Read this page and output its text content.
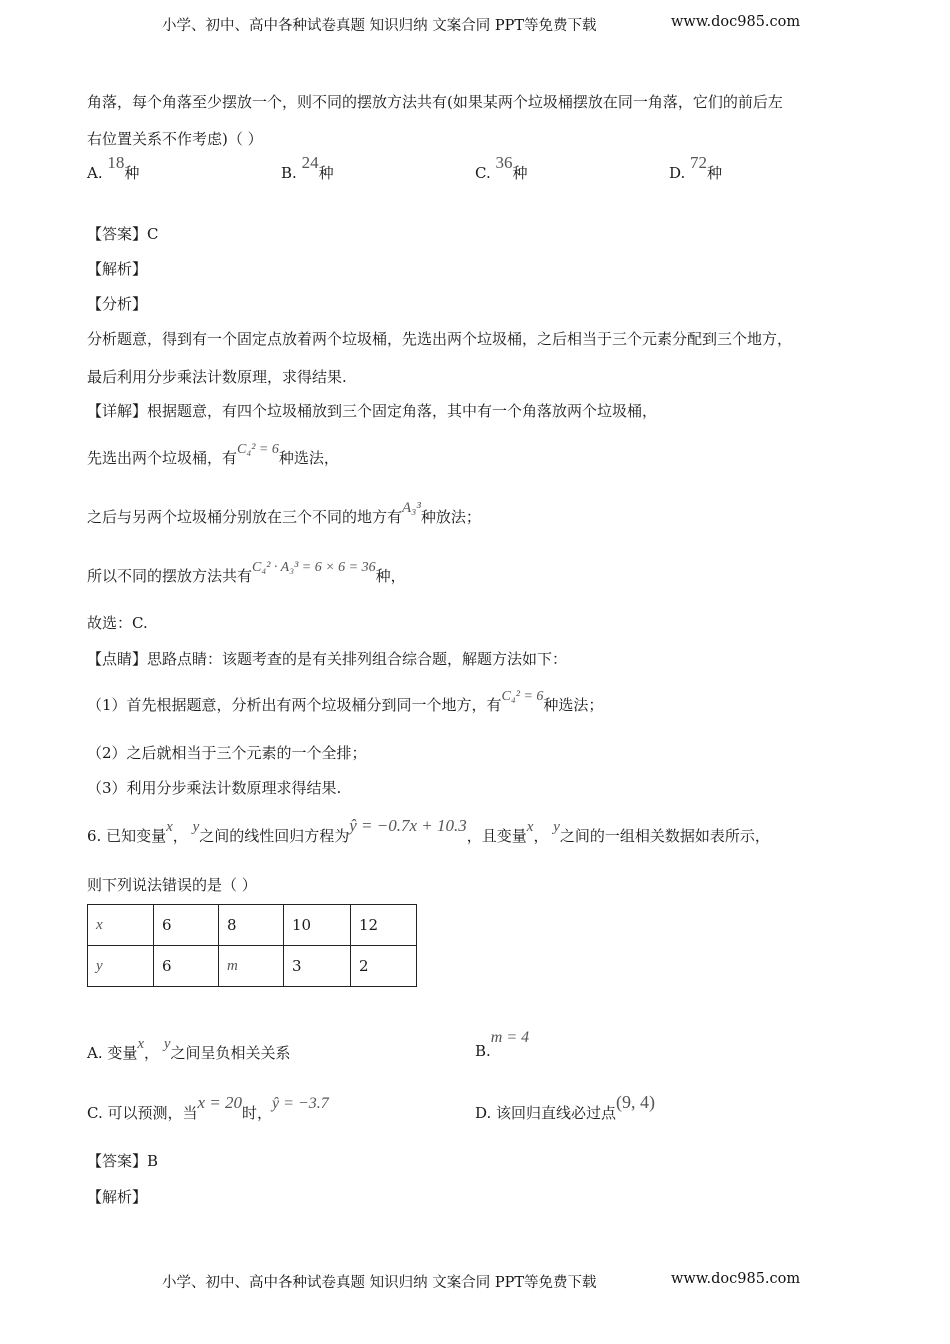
小学、初中、高中各种试卷真题 知识归纳 文案合同 PPT等免费下载	www.doc985.com
角落，每个角落至少摆放一个，则不同的摆放方法共有(如果某两个垃圾桶摆放在同一角落，它们的前后左
右位置关系不作考虑)（ ）
A. 18种	B. 24种	C. 36种	D. 72种
【答案】C
【解析】
【分析】
分析题意，得到有一个固定点放着两个垃圾桶，先选出两个垃圾桶，之后相当于三个元素分配到三个地方，
最后利用分步乘法计数原理，求得结果.
【详解】根据题意，有四个垃圾桶放到三个固定角落，其中有一个角落放两个垃圾桶，
先选出两个垃圾桶，有C₄² = 6种选法，
之后与另两个垃圾桶分别放在三个不同的地方有A₃³种放法；
所以不同的摆放方法共有C₄² · A₃³ = 6 × 6 = 36种，
故选：C.
【点睛】思路点睛：该题考查的是有关排列组合综合题，解题方法如下：
（1）首先根据题意，分析出有两个垃圾桶分到同一个地方，有C₄² = 6种选法；
（2）之后就相当于三个元素的一个全排；
（3）利用分步乘法计数原理求得结果.
6. 已知变量x， y之间的线性回归方程为ŷ = −0.7x + 10.3，且变量x， y之间的一组相关数据如表所示，
则下列说法错误的是（ ）
x	6	8	10	12
y	6	m	3	2
A. 变量x， y之间呈负相关关系	B.m = 4
C. 可以预测，当x = 20时，ŷ = −3.7
D. 该回归直线必过点(9, 4)
【答案】B
【解析】
小学、初中、高中各种试卷真题 知识归纳 文案合同 PPT等免费下载	www.doc985.com
